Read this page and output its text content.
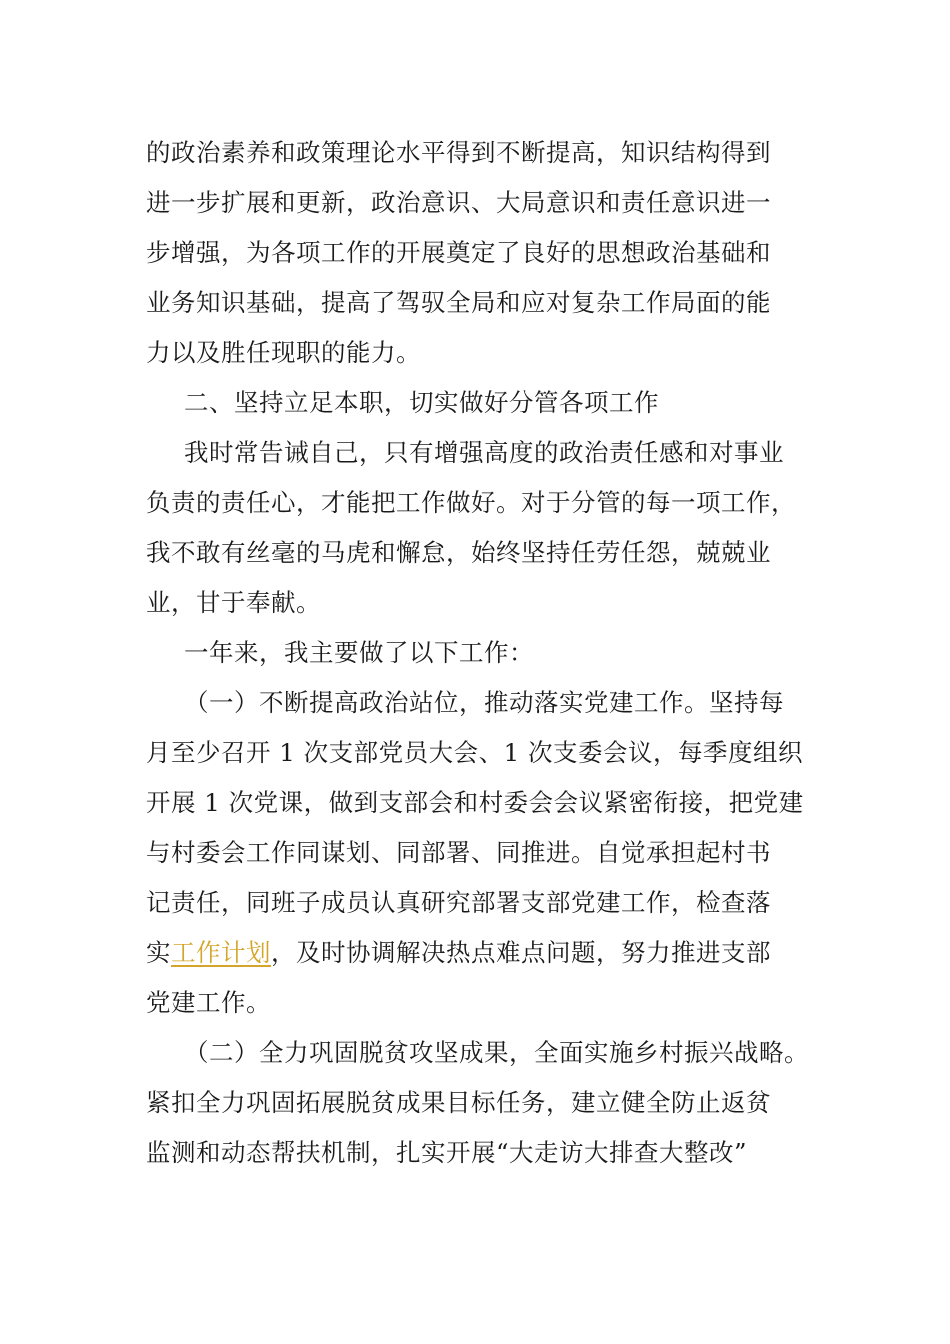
的政治素养和政策理论水平得到不断提高，知识结构得到
进一步扩展和更新，政治意识、大局意识和责任意识进一
步增强，为各项工作的开展奠定了良好的思想政治基础和
业务知识基础，提高了驾驭全局和应对复杂工作局面的能
力以及胜任现职的能力。
二、坚持立足本职，切实做好分管各项工作
我时常告诫自己，只有增强高度的政治责任感和对事业
负责的责任心，才能把工作做好。对于分管的每一项工作，
我不敢有丝毫的马虎和懈怠，始终坚持任劳任怨，兢兢业
业，甘于奉献。
一年来，我主要做了以下工作：
（一）不断提高政治站位，推动落实党建工作。坚持每
月至少召开 1 次支部党员大会、1 次支委会议，每季度组织
开展 1 次党课，做到支部会和村委会会议紧密衔接，把党建
与村委会工作同谋划、同部署、同推进。自觉承担起村书
记责任，同班子成员认真研究部署支部党建工作，检查落
实工作计划，及时协调解决热点难点问题，努力推进支部
党建工作。
（二）全力巩固脱贫攻坚成果，全面实施乡村振兴战略。
紧扣全力巩固拓展脱贫成果目标任务，建立健全防止返贫
监测和动态帮扶机制，扎实开展“大走访大排查大整改”
